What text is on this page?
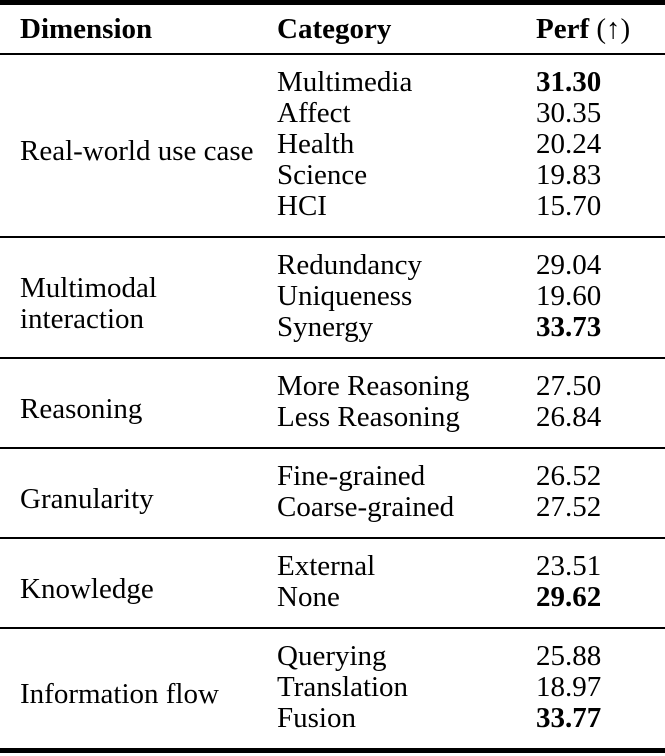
Dimension	Category	Perf (↑)
Real-world use case	Multimedia	31.30
	Affect	30.35
	Health	20.24
	Science	19.83
	HCI	15.70
Multimodal interaction	Redundancy	29.04
	Uniqueness	19.60
	Synergy	33.73
Reasoning	More Reasoning	27.50
	Less Reasoning	26.84
Granularity	Fine-grained	26.52
	Coarse-grained	27.52
Knowledge	External	23.51
	None	29.62
Information flow	Querying	25.88
	Translation	18.97
	Fusion	33.77
